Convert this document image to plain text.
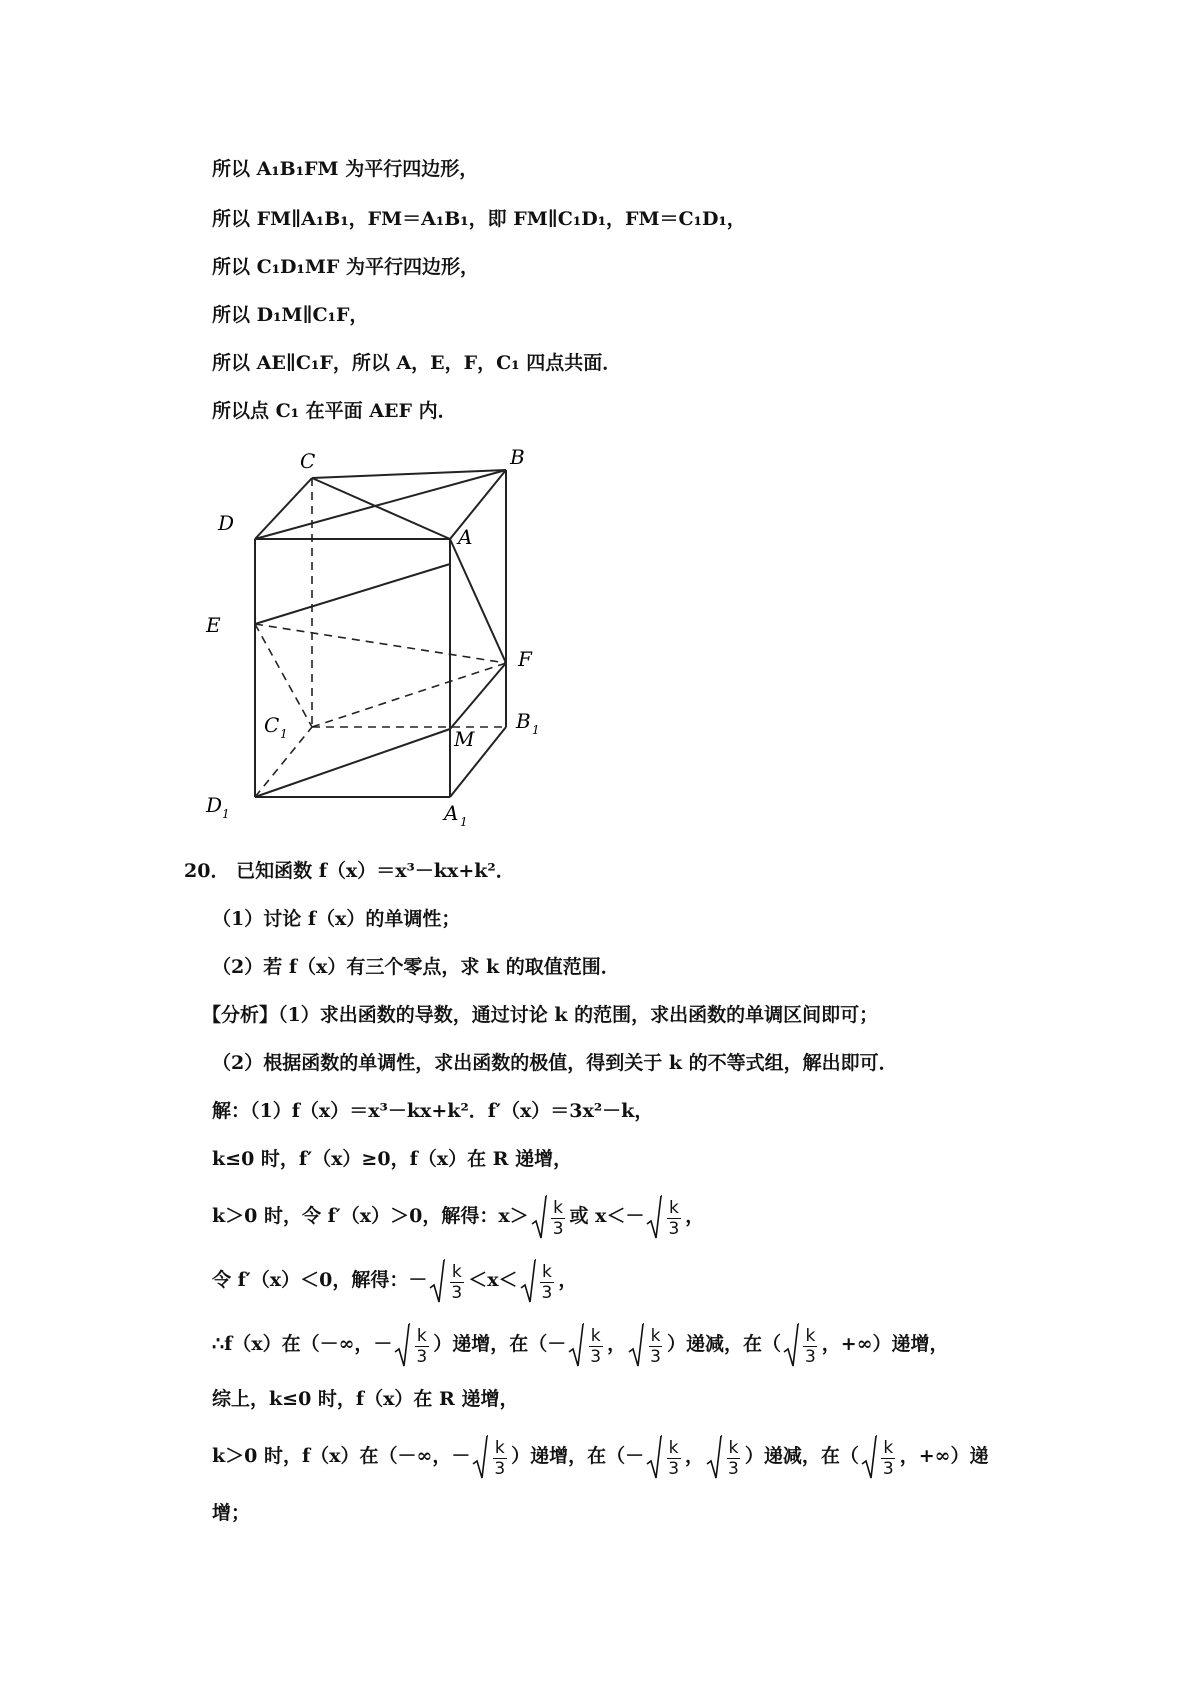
所以 A₁B₁FM 为平行四边形，
所以 FM∥A₁B₁，FM＝A₁B₁，即 FM∥C₁D₁，FM＝C₁D₁，
所以 C₁D₁MF 为平行四边形，
所以 D₁M∥C₁F，
所以 AE∥C₁F，所以 A，E，F，C₁ 四点共面．
所以点 C₁ 在平面 AEF 内．
C	B
D
A
E
F
C 1
B 1
M
D 1	A 1
20． 已知函数 f（x）＝x³－kx+k²．
（1）讨论 f（x）的单调性；
（2）若 f（x）有三个零点，求 k 的取值范围．
【分析】（1）求出函数的导数，通过讨论 k 的范围，求出函数的单调区间即可；
（2）根据函数的单调性，求出函数的极值，得到关于 k 的不等式组，解出即可．
解：（1）f（x）＝x³－kx+k²．f′（x）＝3x²－k，
k≤0 时，f′（x）≥0，f（x）在 R 递增，
k＞0 时，令 f′（x）＞0，解得：$x> \frac{k}{3}$ 或 $x<- \frac{k}{3}$ ，
令 f′（x）＜0，解得：－ $\frac{k}{3} <x< \frac{k}{3}$ ，
∴f（x）在（－∞，－ $\frac{k}{3}$ ）递增，在（－ $\frac{k}{3}$ ， $\frac{k}{3}$ ）递减，在（ $\frac{k}{3}$ ，+∞）递增，
综上，k≤0 时，f（x）在 R 递增，
k＞0 时，f（x）在（－∞，－ $\frac{k}{3}$ ）递增，在（－ $\frac{k}{3}$ ， $\frac{k}{3}$ ）递减，在（ $\frac{k}{3}$ ，+∞）递
增；
